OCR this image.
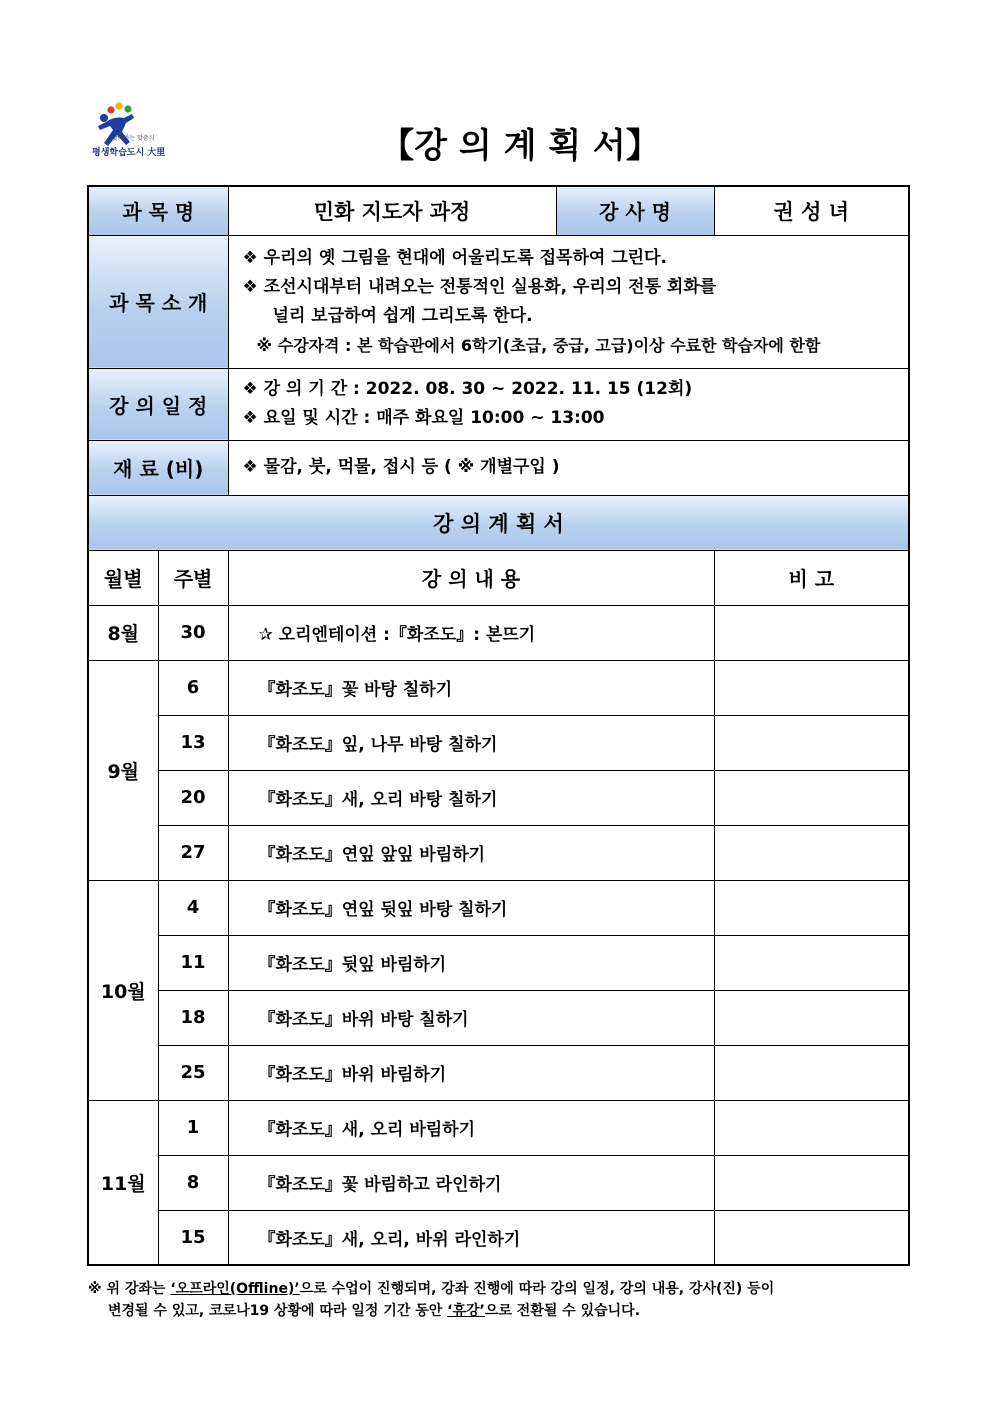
찾아가는 맞춤식
평생학습도시 大里	【강 의 계 획 서】
과 목 명		민화 지도자 과정	강 사 명	권 성 녀
과 목 소 개		❖ 우리의 옛 그림을 현대에 어울리도록 접목하여 그린다.
❖ 조선시대부터 내려오는 전통적인 실용화, 우리의 전통 회화를
널리 보급하여 쉽게 그리도록 한다.
※ 수강자격 : 본 학습관에서 6학기(초급, 중급, 고급)이상 수료한 학습자에 한함		

강 의 일 정		❖ 강 의 기 간 : 2022. 08. 30 ~ 2022. 11. 15 (12회)
❖ 요일 및 시간 : 매주 화요일 10:00 ~ 13:00		

재 료 (비)		❖ 물감, 붓, 먹물, 접시 등 ( ※ 개별구입 )		
강 의 계 획 서				
월별	주별	강 의 내 용		비 고
8월	30	✰ 오리엔테이션 :『화조도』: 본뜨기		
9월	6	『화조도』꽃 바탕 칠하기		
	13	『화조도』잎, 나무 바탕 칠하기		
	20	『화조도』새, 오리 바탕 칠하기		
	27	『화조도』연잎 앞잎 바림하기		
10월	4	『화조도』연잎 뒷잎 바탕 칠하기		
	11	『화조도』뒷잎 바림하기		
	18	『화조도』바위 바탕 칠하기		
	25	『화조도』바위 바림하기		
11월	1	『화조도』새, 오리 바림하기		
	8	『화조도』꽃 바림하고 라인하기		
	15	『화조도』새, 오리, 바위 라인하기		
※ 위 강좌는 ‘오프라인(Offline)’으로 수업이 진행되며, 강좌 진행에 따라 강의 일정, 강의 내용, 강사(진) 등이
변경될 수 있고, 코로나19 상황에 따라 일정 기간 동안 ‘휴강’으로 전환될 수 있습니다.
